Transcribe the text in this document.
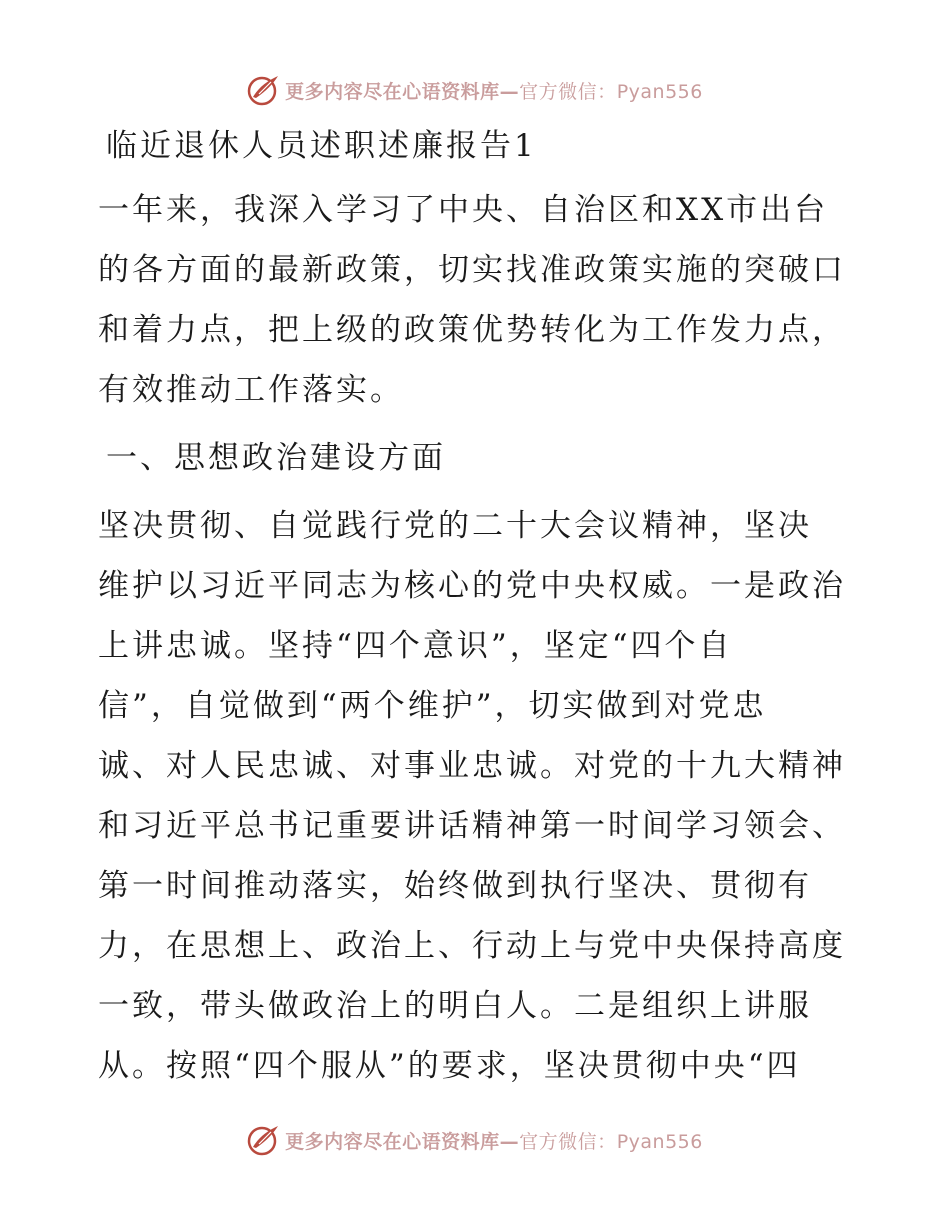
更多内容尽在心语资料库—官方微信：Pyan556
临近退休人员述职述廉报告1
一年来，我深入学习了中央、自治区和XX市出台
的各方面的最新政策，切实找准政策实施的突破口
和着力点，把上级的政策优势转化为工作发力点，
有效推动工作落实。
一、思想政治建设方面
坚决贯彻、自觉践行党的二十大会议精神，坚决
维护以习近平同志为核心的党中央权威。一是政治
上讲忠诚。坚持“四个意识”，坚定“四个自
信”，自觉做到“两个维护”，切实做到对党忠
诚、对人民忠诚、对事业忠诚。对党的十九大精神
和习近平总书记重要讲话精神第一时间学习领会、
第一时间推动落实，始终做到执行坚决、贯彻有
力，在思想上、政治上、行动上与党中央保持高度
一致，带头做政治上的明白人。二是组织上讲服
从。按照“四个服从”的要求，坚决贯彻中央“四
更多内容尽在心语资料库—官方微信：Pyan556
